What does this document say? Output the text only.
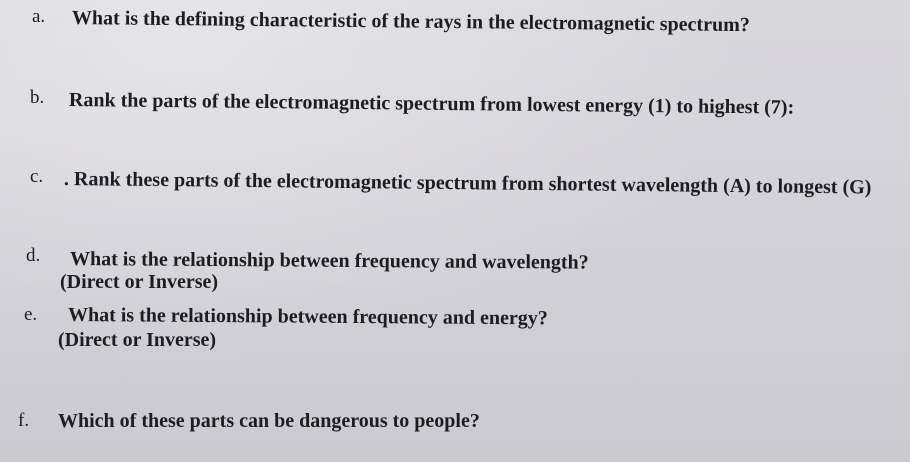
a. What is the defining characteristic of the rays in the electromagnetic spectrum?
b. Rank the parts of the electromagnetic spectrum from lowest energy (1) to highest (7):
c. . Rank these parts of the electromagnetic spectrum from shortest wavelength (A) to longest (G)
d. What is the relationship between frequency and wavelength?
(Direct or Inverse)
e. What is the relationship between frequency and energy?
(Direct or Inverse)
f. Which of these parts can be dangerous to people?
